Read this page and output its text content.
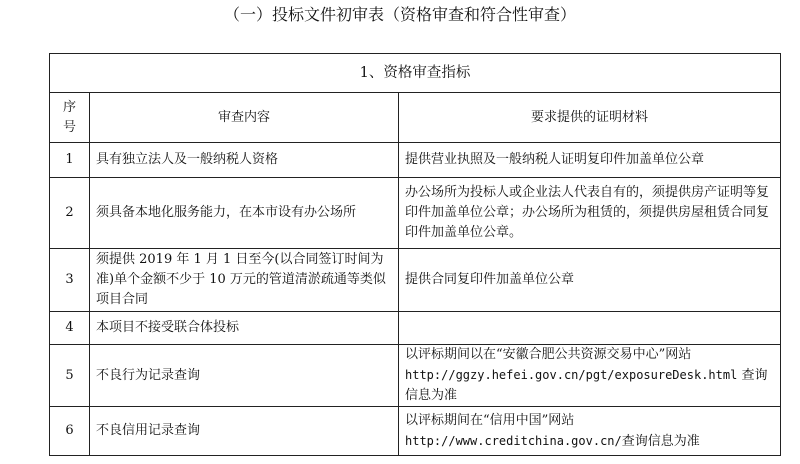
（一）投标文件初审表（资格审查和符合性审查）
1、资格审查指标		

序
号	审查内容	要求提供的证明材料
1	具有独立法人及一般纳税人资格	提供营业执照及一般纳税人证明复印件加盖单位公章
2	须具备本地化服务能力，在本市设有办公场所	办公场所为投标人或企业法人代表自有的，须提供房产证明等复印件加盖单位公章；办公场所为租赁的，须提供房屋租赁合同复印件加盖单位公章。
3	须提供 2019 年 1 月 1 日至今(以合同签订时间为准)单个金额不少于 10 万元的管道清淤疏通等类似项目合同	提供合同复印件加盖单位公章
4	本项目不接受联合体投标	
5	不良行为记录查询	以评标期间以在“安徽合肥公共资源交易中心”网站
http://ggzy.hefei.gov.cn/pgt/exposureDesk.html 查询信息为准
6	不良信用记录查询	以评标期间在“信用中国”网站
http://www.creditchina.gov.cn/查询信息为准
